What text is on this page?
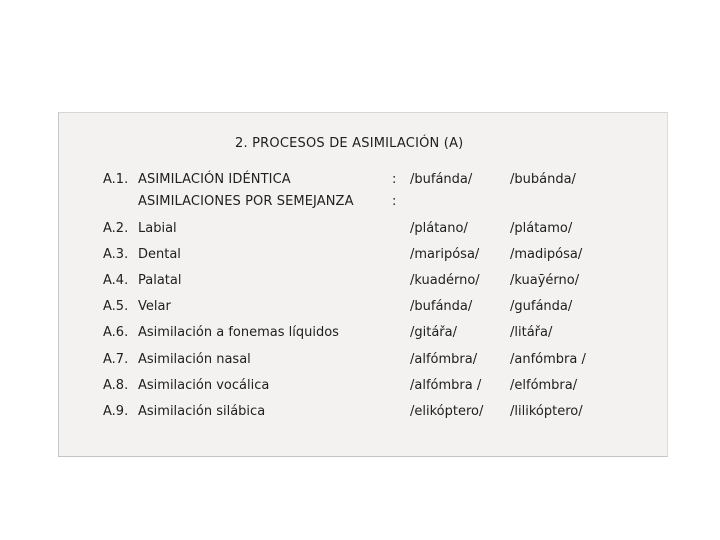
2. PROCESOS DE ASIMILACIÓN (A)
A.1. ASIMILACIÓN IDÉNTICA	: /bufánda/	/bubánda/
ASIMILACIONES POR SEMEJANZA	:
A.2. Labial	/plátano/	/plátamo/
A.3. Dental	/maripósa/ /madipósa/
A.4. Palatal	/kuadérno/ /kuaȳérno/
A.5. Velar	/bufánda/	/gufánda/
A.6. Asimilación a fonemas líquidos	/gitářa/	/litářa/
A.7. Asimilación nasal	/alfómbra/	/anfómbra /
A.8. Asimilación vocálica	/alfómbra / /elfómbra/
A.9. Asimilación silábica	/elikóptero/ /lilikóptero/
